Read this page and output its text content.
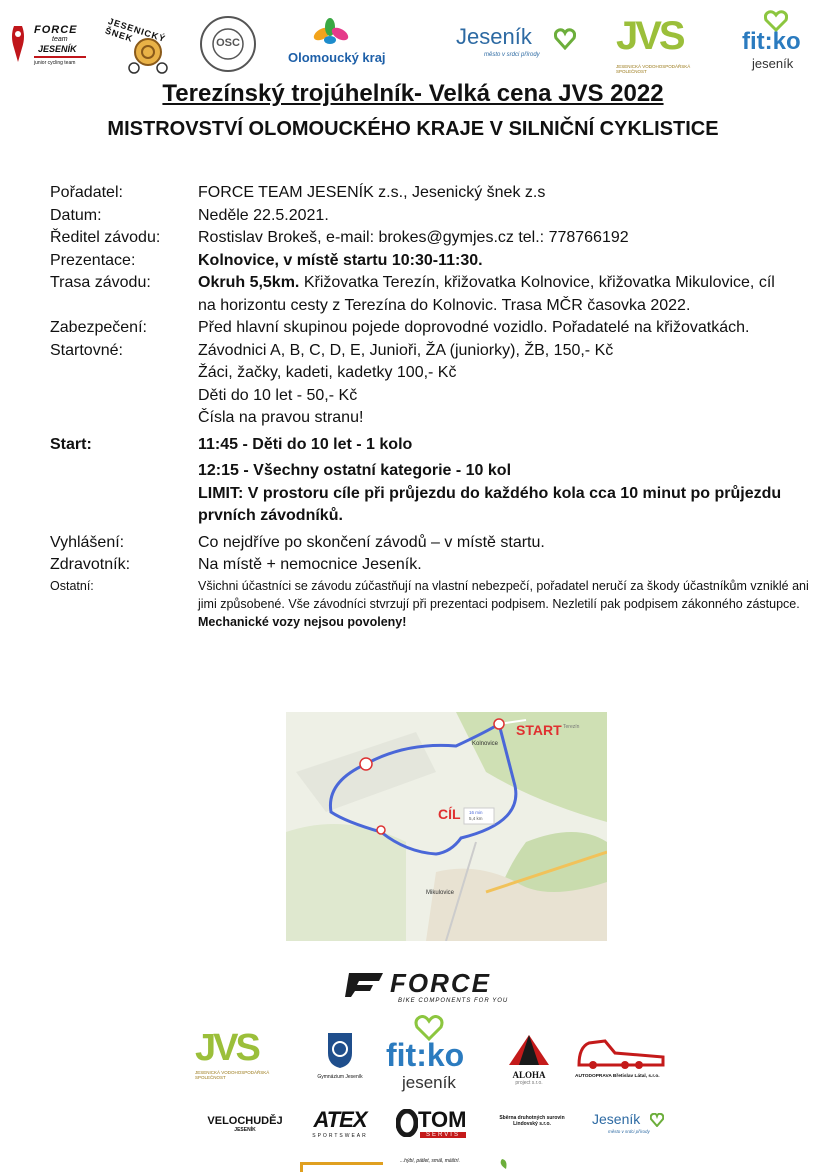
FORCE
team
JESENÍK
junior cycling team
JESENICKÝ ŠNEK	OSC
Olomoucký kraj
Jeseník
město v srdci přírody JVS
JESENICKÁ VODOHOSPODÁŘSKÁ SPOLEČNOST
fit:ko
jeseník
Terezínský trojúhelník- Velká cena JVS 2022
MISTROVSTVÍ OLOMOUCKÉHO KRAJE V SILNIČNÍ CYKLISTICE
Pořadatel:	FORCE TEAM JESENÍK z.s., Jesenický šnek z.s
Datum:	Neděle 22.5.2021.
Ředitel závodu:	Rostislav Brokeš, e-mail: brokes@gymjes.cz tel.: 778766192
Prezentace:	Kolnovice, v místě startu 10:30-11:30.
Trasa závodu:	Okruh 5,5km. Křižovatka Terezín, křižovatka Kolnovice, křižovatka Mikulovice, cíl na horizontu cesty z Terezína do Kolnovic. Trasa MČR časovka 2022.
Zabezpečení:	Před hlavní skupinou pojede doprovodné vozidlo. Pořadatelé na křižovatkách.
Startovné:	Závodnici A, B, C, D, E, Junioři, ŽA (juniorky), ŽB, 150,- Kč
Žáci, žačky, kadeti, kadetky 100,- Kč
Děti do 10 let - 50,- Kč
Čísla na pravou stranu!
Start:	11:45 - Děti do 10 let - 1 kolo
12:15 - Všechny ostatní kategorie - 10 kol
LIMIT: V prostoru cíle při průjezdu do každého kola cca 10 minut po průjezdu prvních závodníků.
Vyhlášení:	Co nejdříve po skončení závodů – v místě startu.
Zdravotník:	Na místě + nemocnice Jeseník.
Ostatní:	Všichni účastníci se závodu zúčastňují na vlastní nebezpečí, pořadatel neručí za škody účastníkům vzniklé ani jimi způsobené. Vše závodníci stvrzují při prezentaci podpisem. Nezletilí pak podpisem zákonného zástupce. Mechanické vozy nejsou povoleny!
START
CÍL
Kolnovice
Mikulovice
Terezín
16 min
5,4 km
FORCE
BIKE COMPONENTS FOR YOU
JVS
JESENICKÁ VODOHOSPODÁŘSKÁ SPOLEČNOST	Gymnázium Jeseník
fit:ko
jeseník	ALOHA
project s.r.o.
AUTODOPRAVA Břetislav Látal, s.r.o.
VELOCHUDĚJ
JESENÍK	ATEX
SPORTSWEAR
TOM
SERVIS
Sběrna druhotných surovin
Lindovský s.r.o.	Jeseník
město v srdci přírody
...hýbí, pátlet, smál, máštrí.
